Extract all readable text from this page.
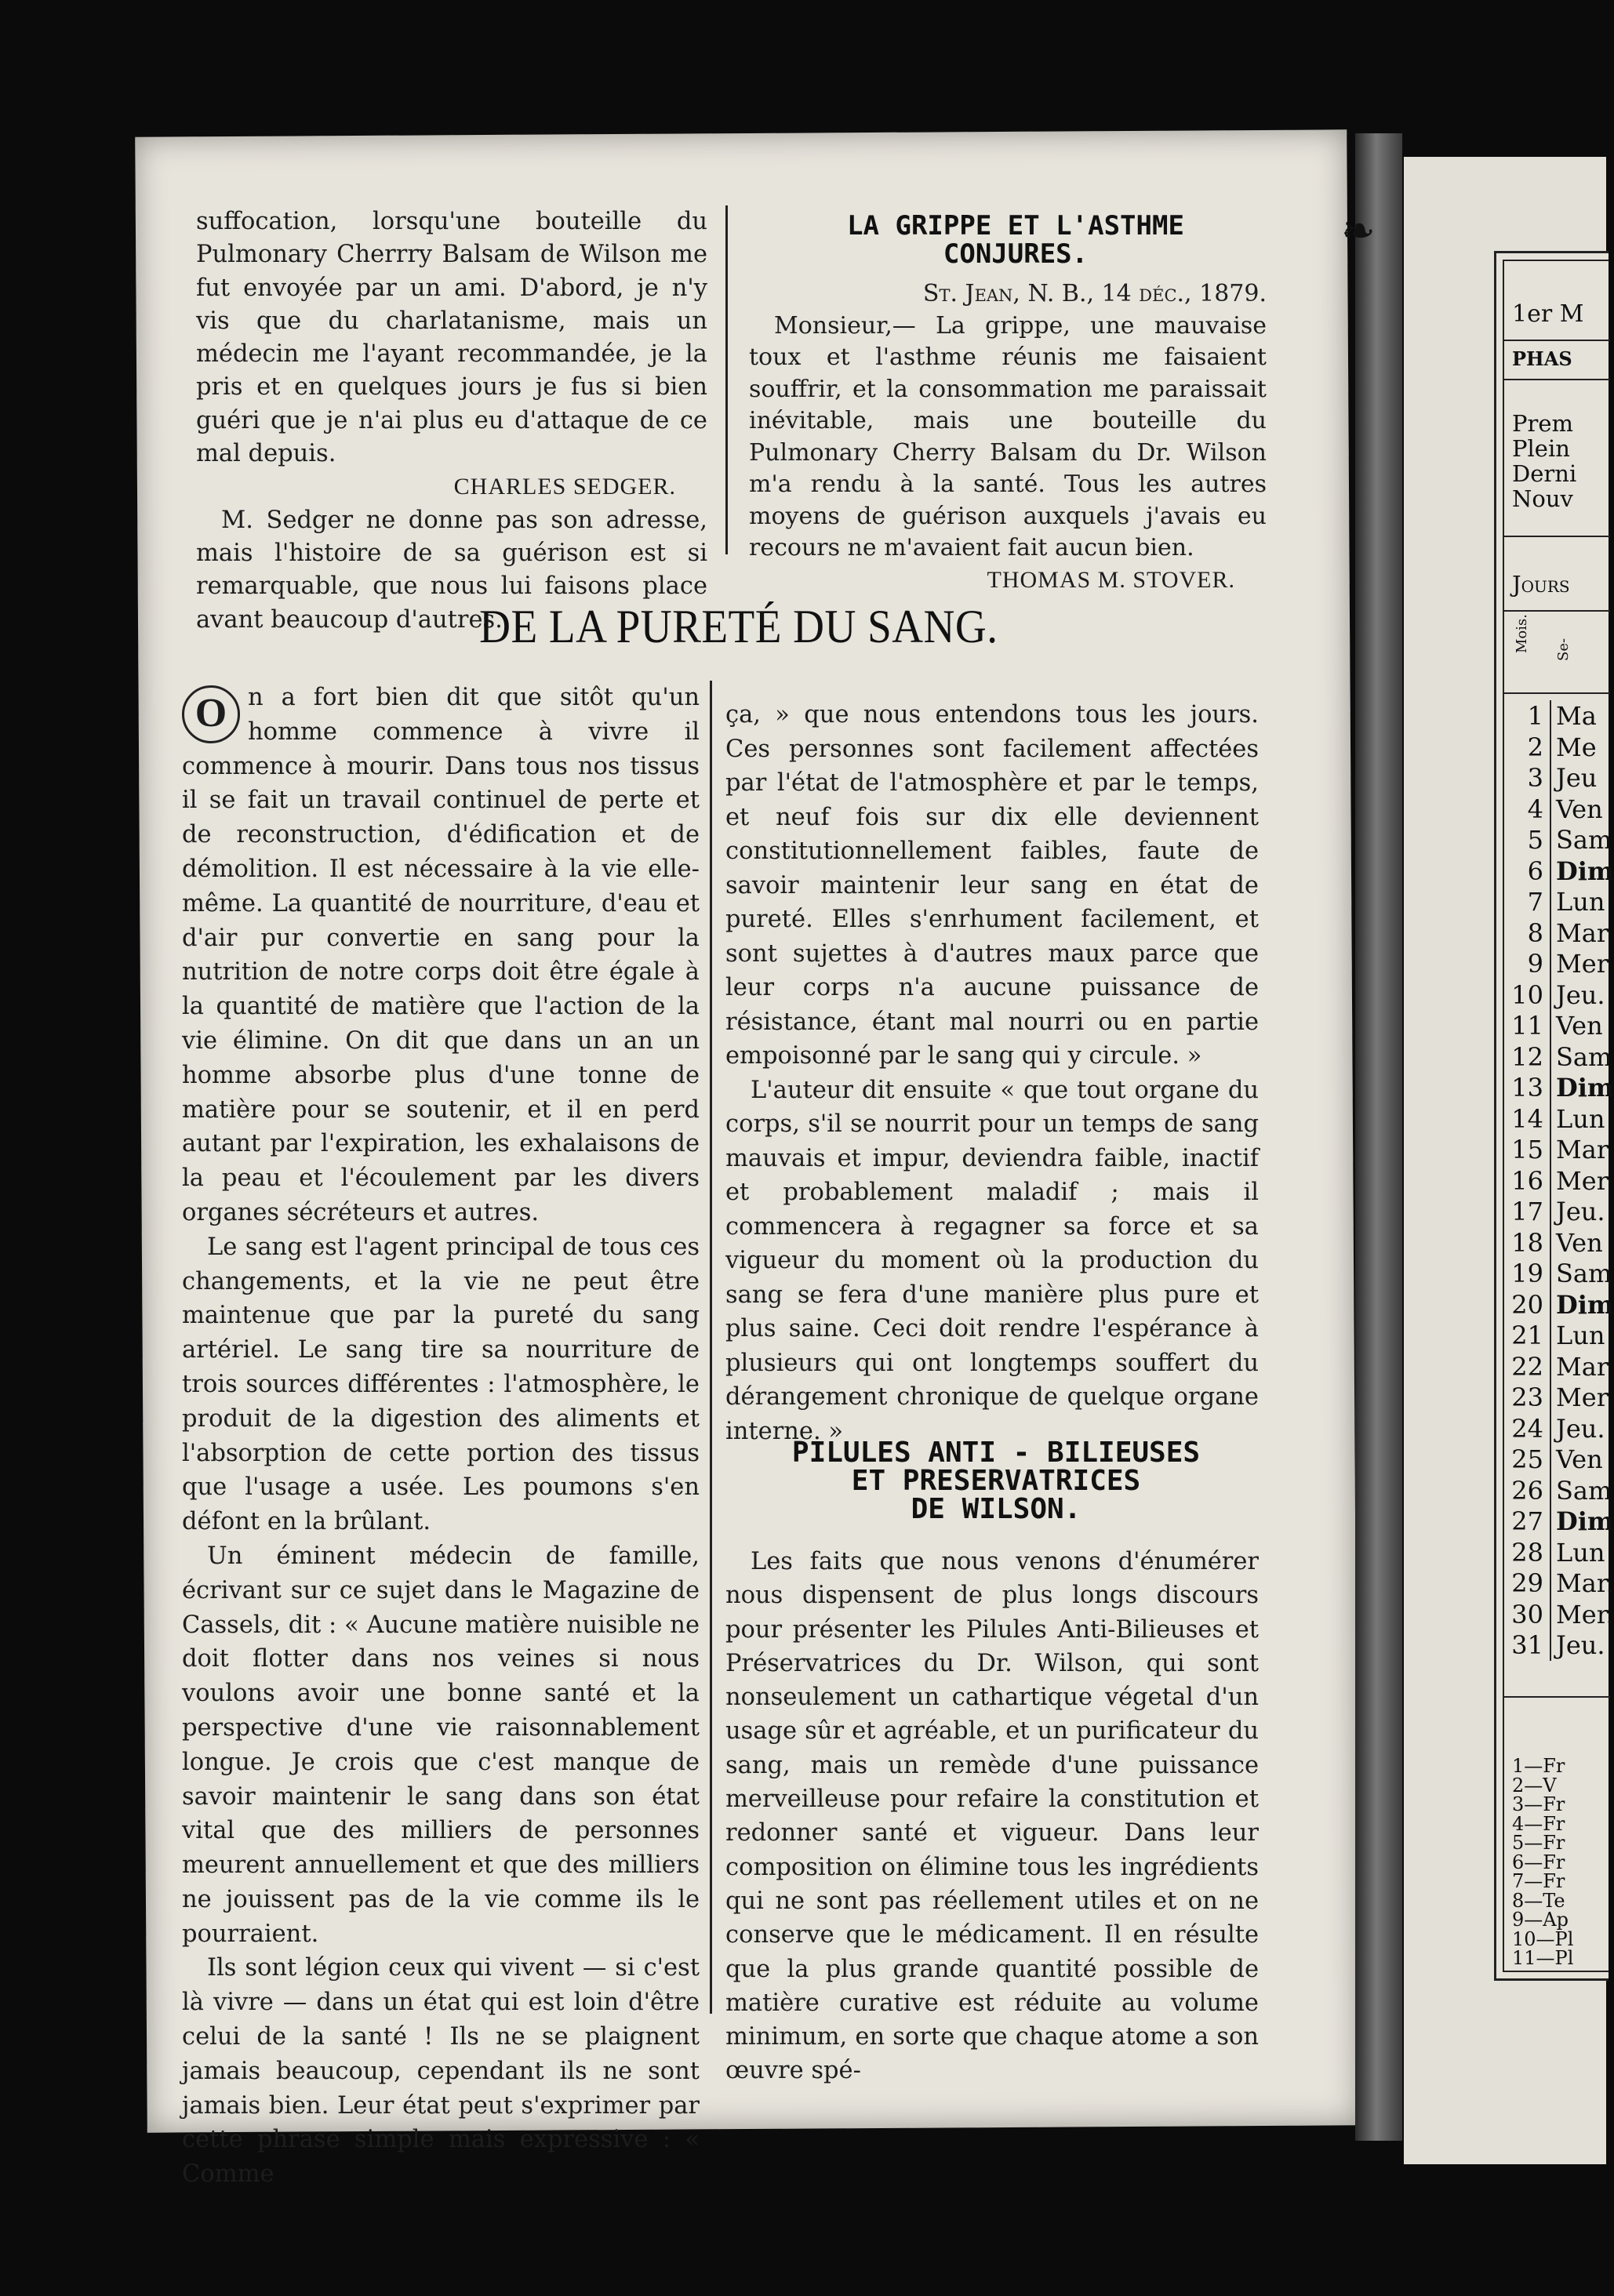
suffocation, lorsqu'une bouteille du Pulmonary Cherrry Balsam de Wilson me fut envoyée par un ami. D'abord, je n'y vis que du charlatanisme, mais un médecin me l'ayant recommandée, je la pris et en quelques jours je fus si bien guéri que je n'ai plus eu d'attaque de ce mal depuis.

CHARLES SEDGER.

M. Sedger ne donne pas son adresse, mais l'histoire de sa guérison est si remarquable, que nous lui faisons place avant beaucoup d'autres.

LA GRIPPE ET L'ASTHME
CONJURES.
St. Jean, N. B., 14 déc., 1879.

Monsieur,— La grippe, une mauvaise toux et l'asthme réunis me faisaient souffrir, et la consommation me paraissait inévitable, mais une bouteille du Pulmonary Cherry Balsam du Dr. Wilson m'a rendu à la santé. Tous les autres moyens de guérison auxquels j'avais eu recours ne m'avaient fait aucun bien.

THOMAS M. STOVER.
DE LA PURETÉ DU SANG.

O n a fort bien dit que sitôt qu'un homme commence à vivre il commence à mourir. Dans tous nos tissus il se fait un travail continuel de perte et de reconstruction, d'édification et de démolition. Il est nécessaire à la vie elle-même. La quantité de nourriture, d'eau et d'air pur convertie en sang pour la nutrition de notre corps doit être égale à la quantité de matière que l'action de la vie élimine. On dit que dans un an un homme absorbe plus d'une tonne de matière pour se soutenir, et il en perd autant par l'expiration, les exhalaisons de la peau et l'écoulement par les divers organes sécréteurs et autres.

Le sang est l'agent principal de tous ces changements, et la vie ne peut être maintenue que par la pureté du sang artériel. Le sang tire sa nourriture de trois sources différentes : l'atmosphère, le produit de la digestion des aliments et l'absorption de cette portion des tissus que l'usage a usée. Les poumons s'en défont en la brûlant.

Un éminent médecin de famille, écrivant sur ce sujet dans le Magazine de Cassels, dit : « Aucune matière nuisible ne doit flotter dans nos veines si nous voulons avoir une bonne santé et la perspective d'une vie raisonnablement longue. Je crois que c'est manque de savoir maintenir le sang dans son état vital que des milliers de personnes meurent annuellement et que des milliers ne jouissent pas de la vie comme ils le pourraient.

Ils sont légion ceux qui vivent — si c'est là vivre — dans un état qui est loin d'être celui de la santé ! Ils ne se plaignent jamais beaucoup, cependant ils ne sont jamais bien. Leur état peut s'exprimer par cette phrase simple mais expressive : « Comme

ça, » que nous entendons tous les jours. Ces personnes sont facilement affectées par l'état de l'atmosphère et par le temps, et neuf fois sur dix elle deviennent constitutionnellement faibles, faute de savoir maintenir leur sang en état de pureté. Elles s'enrhument facilement, et sont sujettes à d'autres maux parce que leur corps n'a aucune puissance de résistance, étant mal nourri ou en partie empoisonné par le sang qui y circule. »

L'auteur dit ensuite « que tout organe du corps, s'il se nourrit pour un temps de sang mauvais et impur, deviendra faible, inactif et probablement maladif ; mais il commencera à regagner sa force et sa vigueur du moment où la production du sang se fera d'une manière plus pure et plus saine. Ceci doit rendre l'espérance à plusieurs qui ont longtemps souffert du dérangement chronique de quelque organe interne. »

PILULES ANTI - BILIEUSES
ET PRESERVATRICES
DE WILSON.

Les faits que nous venons d'énumérer nous dispensent de plus longs discours pour présenter les Pilules Anti-Bilieuses et Préservatrices du Dr. Wilson, qui sont nonseulement un cathartique végetal d'un usage sûr et agréable, et un purificateur du sang, mais un remède d'une puissance merveilleuse pour refaire la constitution et redonner santé et vigueur. Dans leur composition on élimine tous les ingrédients qui ne sont pas réellement utiles et on ne conserve que le médicament. Il en résulte que la plus grande quantité possible de matière curative est réduite au volume minimum, en sorte que chaque atome a son œuvre spé-

❧
1er M
PHAS
Prem
Plein
Derni
Nouv
Jours
Mois. Se-
1 Ma
2 Me
3 Jeu
4 Ven
5 Sam
6 Dim
7 Lun
8 Mar
9 Mer
10 Jeu.
11 Ven
12 Sam
13 Dim
14 Lun
15 Mar
16 Mer
17 Jeu.
18 Ven
19 Sam
20 Dim
21 Lun
22 Mar
23 Mer
24 Jeu.
25 Ven
26 Sam
27 Dim
28 Lun
29 Mar.
30 Mer.
31 Jeu.
1—Fr
2—V
3—Fr
4—Fr
5—Fr
6—Fr
7—Fr
8—Te
9—Ap
10—Pl
11—Pl
